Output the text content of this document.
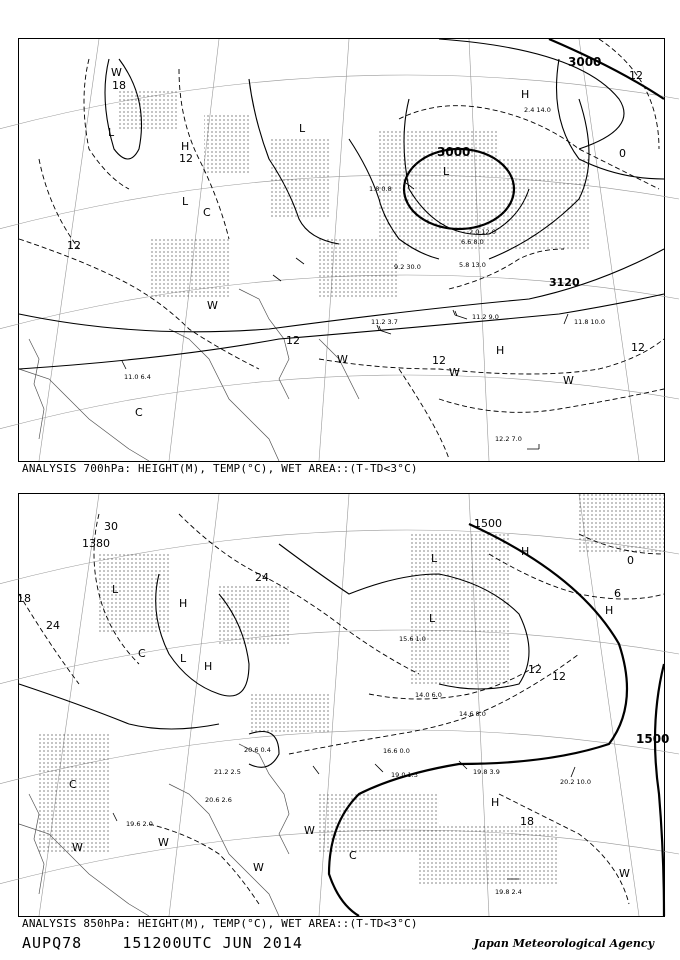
3000
3000
3120
18
12
12
12
12
12
0
12
L
L
L
H
L
H
H
W
W
W
C
C
W
W
11.2 3.7	11.8 10.0
12.2 7.0
11.0 6.4
11.2 9.0
5.8 13.0
6.6 8.0
2.0 12.0
9.2 30.0
2.4 14.0
1.8 0.8
ANALYSIS 700hPa: HEIGHT(M), TEMP(°C), WET AREA::(T-TD<3°C)
1380
1500
1500
30
24
24
18
12
12
6
0
18
L
H
L
H
L
H
H
H
L
C
C
C
W	W
W
W	W
19.0 1.3	19.8 3.9
20.2 10.0
19.8 2.4
16.6 0.0
20.6 2.6
19.6 2.0
21.2 2.5
20.6 0.4
14.0 6.0
15.6 1.0
14.6 8.0
ANALYSIS 850hPa: HEIGHT(M), TEMP(°C), WET AREA::(T-TD<3°C)
AUPQ78	151200UTC JUN 2014	Japan Meteorological Agency
